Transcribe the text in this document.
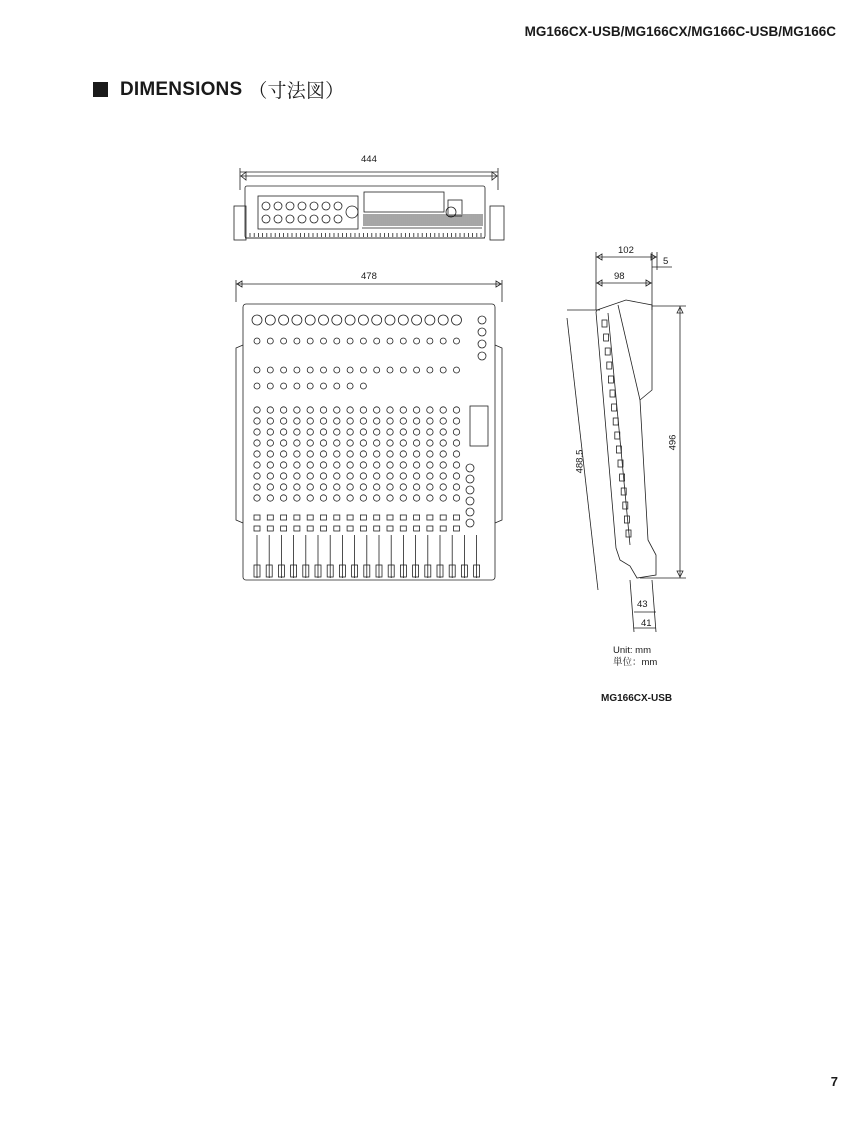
MG166CX-USB/MG166CX/MG166C-USB/MG166C
DIMENSIONS （寸法図）
444
478
102
98
5
488.5
496
43
41
Unit: mm
単位：mm
MG166CX-USB
7
